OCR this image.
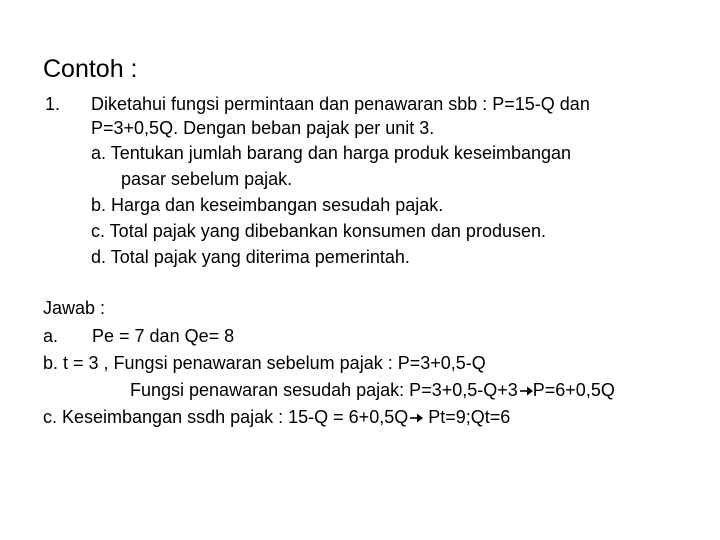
Contoh :
1. Diketahui fungsi permintaan dan penawaran sbb : P=15-Q dan
P=3+0,5Q. Dengan beban pajak per unit 3.
a. Tentukan jumlah barang dan harga produk keseimbangan
pasar sebelum pajak.
b. Harga dan keseimbangan sesudah pajak.
c. Total pajak yang dibebankan konsumen dan produsen.
d. Total pajak yang diterima pemerintah.
Jawab :
a. Pe = 7 dan Qe= 8
b. t = 3 , Fungsi penawaran sebelum pajak : P=3+0,5-Q
Fungsi penawaran sesudah pajak: P=3+0,5-Q+3 P=6+0,5Q
c. Keseimbangan ssdh pajak : 15-Q = 6+0,5Q Pt=9;Qt=6
